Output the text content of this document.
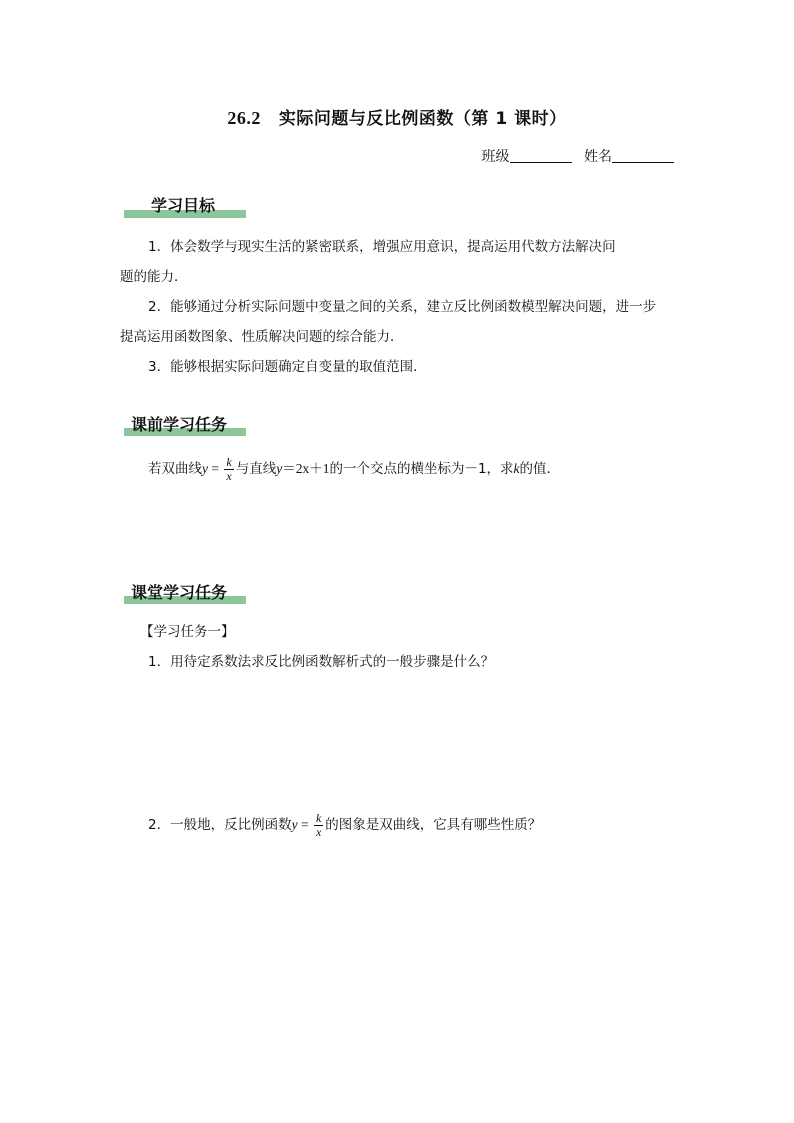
26.2 实际问题与反比例函数（第 1 课时）
班级	姓名
学习目标
1．体会数学与现实生活的紧密联系，增强应用意识，提高运用代数方法解决问
题的能力．
2．能够通过分析实际问题中变量之间的关系，建立反比例函数模型解决问题，进一步
提高运用函数图象、性质解决问题的综合能力．
3．能够根据实际问题确定自变量的取值范围．
课前学习任务
若双曲线$y = \frac{k}{x}$ 与直线y＝2x＋1的一个交点的横坐标为－1，求k的值．
课堂学习任务
【学习任务一】
1．用待定系数法求反比例函数解析式的一般步骤是什么？
2．一般地，反比例函数$y = \frac{k}{x}$ 的图象是双曲线，它具有哪些性质？
